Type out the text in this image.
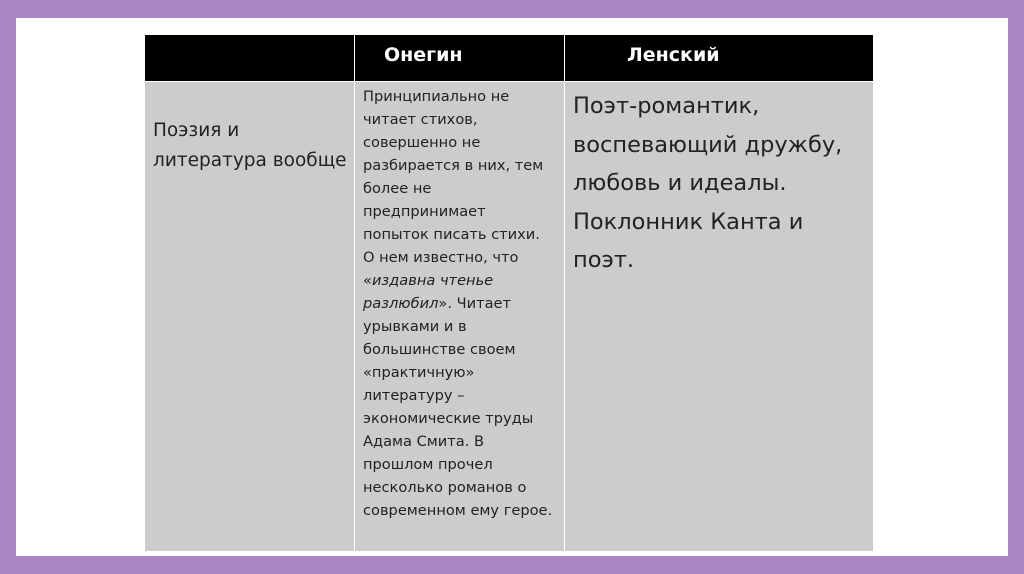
	Онегин	Ленский

Поэзия и литература вообще	Принципиально не читает стихов, совершенно не разбирается в них, тем более не предпринимает попыток писать стихи. О нем известно, что «издавна чтенье разлюбил». Читает урывками и в большинстве своем «практичную» литературу – экономические труды Адама Смита. В прошлом прочел несколько романов о современном ему герое.	Поэт-романтик, воспевающий дружбу, любовь и идеалы. Поклонник Канта и поэт.
